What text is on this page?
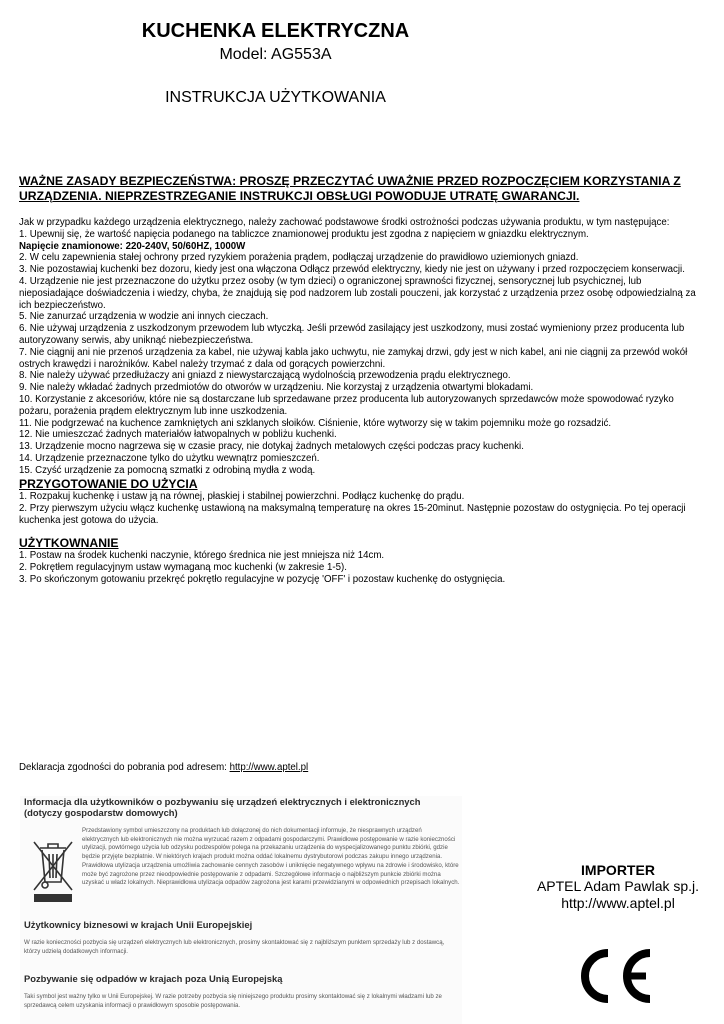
KUCHENKA ELEKTRYCZNA
Model: AG553A
INSTRUKCJA UŻYTKOWANIA
WAŻNE ZASADY BEZPIECZEŃSTWA: PROSZĘ PRZECZYTAĆ UWAŻNIE PRZED ROZPOCZĘCIEM KORZYSTANIA Z URZĄDZENIA. NIEPRZESTRZEGANIE INSTRUKCJI OBSŁUGI POWODUJE UTRATĘ GWARANCJI.

Jak w przypadku każdego urządzenia elektrycznego, należy zachować podstawowe środki ostrożności podczas używania produktu, w tym następujące:

1. Upewnij się, że wartość napięcia podanego na tabliczce znamionowej produktu jest zgodna z napięciem w gniazdku elektrycznym.

Napięcie znamionowe: 220-240V, 50/60HZ, 1000W

2. W celu zapewnienia stałej ochrony przed ryzykiem porażenia prądem, podłączaj urządzenie do prawidłowo uziemionych gniazd.

3. Nie pozostawiaj kuchenki bez dozoru, kiedy jest ona włączona Odłącz przewód elektryczny, kiedy nie jest on używany i przed rozpoczęciem konserwacji.

4. Urządzenie nie jest przeznaczone do użytku przez osoby (w tym dzieci) o ograniczonej sprawności fizycznej, sensorycznej lub psychicznej, lub nieposiadające doświadczenia i wiedzy, chyba, że znajdują się pod nadzorem lub zostali pouczeni, jak korzystać z urządzenia przez osobę odpowiedzialną za ich bezpieczeństwo.

5. Nie zanurzać urządzenia w wodzie ani innych cieczach.

6. Nie używaj urządzenia z uszkodzonym przewodem lub wtyczką. Jeśli przewód zasilający jest uszkodzony, musi zostać wymieniony przez producenta lub autoryzowany serwis, aby uniknąć niebezpieczeństwa.

7. Nie ciągnij ani nie przenoś urządzenia za kabel, nie używaj kabla jako uchwytu, nie zamykaj drzwi, gdy jest w nich kabel, ani nie ciągnij za przewód wokół ostrych krawędzi i narożników. Kabel należy trzymać z dala od gorących powierzchni.

8. Nie należy używać przedłużaczy ani gniazd z niewystarczającą wydolnością przewodzenia prądu elektrycznego.

9. Nie należy wkładać żadnych przedmiotów do otworów w urządzeniu. Nie korzystaj z urządzenia otwartymi blokadami.

10. Korzystanie z akcesoriów, które nie są dostarczane lub sprzedawane przez producenta lub autoryzowanych sprzedawców może spowodować ryzyko pożaru, porażenia prądem elektrycznym lub inne uszkodzenia.

11. Nie podgrzewać na kuchence zamkniętych ani szklanych słoików. Ciśnienie, które wytworzy się w takim pojemniku może go rozsadzić.

12. Nie umieszczać żadnych materiałów łatwopalnych w pobliżu kuchenki.

13. Urządzenie mocno nagrzewa się w czasie pracy, nie dotykaj żadnych metalowych części podczas pracy kuchenki.

14. Urządzenie przeznaczone tylko do użytku wewnątrz pomieszczeń.

15. Czyść urządzenie za pomocną szmatki z odrobiną mydła z wodą.

PRZYGOTOWANIE DO UŻYCIA

1. Rozpakuj kuchenkę i ustaw ją na równej, płaskiej i stabilnej powierzchni. Podłącz kuchenkę do prądu.

2. Przy pierwszym użyciu włącz kuchenkę ustawioną na maksymalną temperaturę na okres 15-20minut. Następnie pozostaw do ostygnięcia. Po tej operacji kuchenka jest gotowa do użycia.

UŻYTKOWNANIE

1. Postaw na środek kuchenki naczynie, którego średnica nie jest mniejsza niż 14cm.

2. Pokrętłem regulacyjnym ustaw wymaganą moc kuchenki (w zakresie 1-5).

3. Po skończonym gotowaniu przekręć pokrętło regulacyjne w pozycję 'OFF' i pozostaw kuchenkę do ostygnięcia.

Deklaracja zgodności do pobrania pod adresem: http://www.aptel.pl
Informacja dla użytkowników o pozbywaniu się urządzeń elektrycznych i elektronicznych
(dotyczy gospodarstw domowych)
Przedstawiony symbol umieszczony na produktach lub dołączonej do nich dokumentacji informuje, że niesprawnych urządzeń elektrycznych lub elektronicznych nie można wyrzucać razem z odpadami gospodarczymi. Prawidłowe postępowanie w razie konieczności utylizacji, powtórnego użycia lub odzysku podzespołów polega na przekazaniu urządzenia do wyspecjalizowanego punktu zbiórki, gdzie będzie przyjęte bezpłatnie. W niektórych krajach produkt można oddać lokalnemu dystrybutorowi podczas zakupu innego urządzenia. Prawidłowa utylizacja urządzenia umożliwia zachowanie cennych zasobów i uniknięcie negatywnego wpływu na zdrowie i środowisko, które może być zagrożone przez nieodpowiednie postępowanie z odpadami. Szczegółowe informacje o najbliższym punkcie zbiórki można uzyskać u władz lokalnych. Nieprawidłowa utylizacja odpadów zagrożona jest karami przewidzianymi w odpowiednich przepisach lokalnych.
Użytkownicy biznesowi w krajach Unii Europejskiej
W razie konieczności pozbycia się urządzeń elektrycznych lub elektronicznych, prosimy skontaktować się z najbliższym punktem sprzedaży lub z dostawcą, którzy udzielą dodatkowych informacji.
Pozbywanie się odpadów w krajach poza Unią Europejską
Taki symbol jest ważny tylko w Unii Europejskej. W razie potrzeby pozbycia się niniejszego produktu prosimy skontaktować się z lokalnymi władzami lub ze sprzedawcą celem uzyskania informacji o prawidłowym sposobie postępowania.
IMPORTER
APTEL Adam Pawlak sp.j.
http://www.aptel.pl
